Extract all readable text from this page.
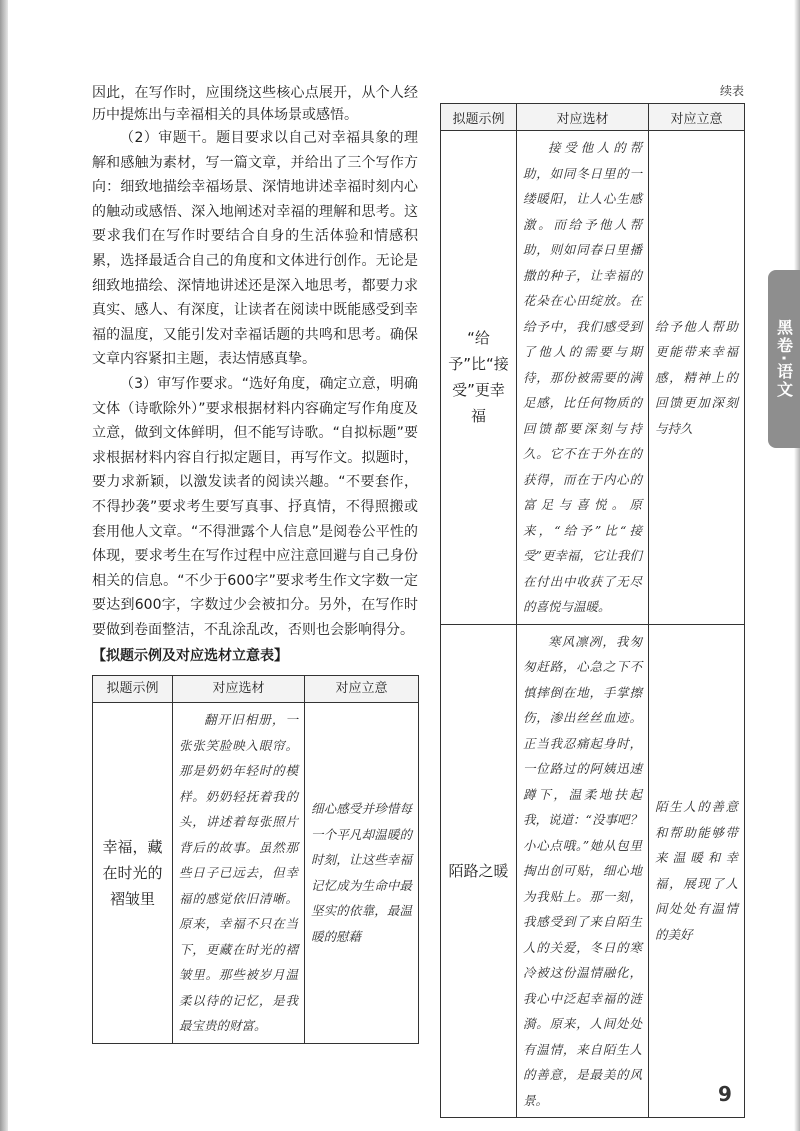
因此，在写作时，应围绕这些核心点展开，从个人经历中提炼出与幸福相关的具体场景或感悟。

（2）审题干。题目要求以自己对幸福具象的理解和感触为素材，写一篇文章，并给出了三个写作方向：细致地描绘幸福场景、深情地讲述幸福时刻内心的触动或感悟、深入地阐述对幸福的理解和思考。这要求我们在写作时要结合自身的生活体验和情感积累，选择最适合自己的角度和文体进行创作。无论是细致地描绘、深情地讲述还是深入地思考，都要力求真实、感人、有深度，让读者在阅读中既能感受到幸福的温度，又能引发对幸福话题的共鸣和思考。确保文章内容紧扣主题，表达情感真挚。

（3）审写作要求。“选好角度，确定立意，明确文体（诗歌除外）”要求根据材料内容确定写作角度及立意，做到文体鲜明，但不能写诗歌。“自拟标题”要求根据材料内容自行拟定题目，再写作文。拟题时，要力求新颖，以激发读者的阅读兴趣。“不要套作，不得抄袭”要求考生要写真事、抒真情，不得照搬或套用他人文章。“不得泄露个人信息”是阅卷公平性的体现，要求考生在写作过程中应注意回避与自己身份相关的信息。“不少于600字”要求考生作文字数一定要达到600字，字数过少会被扣分。另外，在写作时要做到卷面整洁，不乱涂乱改，否则也会影响得分。

【拟题示例及对应选材立意表】
拟题示例	对应选材	对应立意
幸福，藏在时光的褶皱里	翻开旧相册，一张张笑脸映入眼帘。那是奶奶年轻时的模样。奶奶轻抚着我的头，讲述着每张照片背后的故事。虽然那些日子已远去，但幸福的感觉依旧清晰。原来，幸福不只在当下，更藏在时光的褶皱里。那些被岁月温柔以待的记忆，是我最宝贵的财富。	细心感受并珍惜每一个平凡却温暖的时刻，让这些幸福记忆成为生命中最坚实的依靠，最温暖的慰藉
续表
拟题示例	对应选材	对应立意
“给予”比“接受”更幸福	接受他人的帮助，如同冬日里的一缕暖阳，让人心生感激。而给予他人帮助，则如同春日里播撒的种子，让幸福的花朵在心田绽放。在给予中，我们感受到了他人的需要与期待，那份被需要的满足感，比任何物质的回馈都要深刻与持久。它不在于外在的获得，而在于内心的富足与喜悦。原来，“给予”比“接受”更幸福，它让我们在付出中收获了无尽的喜悦与温暖。	给予他人帮助更能带来幸福感，精神上的回馈更加深刻与持久
陌路之暖	寒风凛冽，我匆匆赶路，心急之下不慎摔倒在地，手掌擦伤，渗出丝丝血迹。正当我忍痛起身时，一位路过的阿姨迅速蹲下，温柔地扶起我，说道：“没事吧？小心点哦。”她从包里掏出创可贴，细心地为我贴上。那一刻，我感受到了来自陌生人的关爱，冬日的寒冷被这份温情融化，我心中泛起幸福的涟漪。原来，人间处处有温情，来自陌生人的善意，是最美的风景。	陌生人的善意和帮助能够带来温暖和幸福，展现了人间处处有温情的美好
黑卷·语文
9
